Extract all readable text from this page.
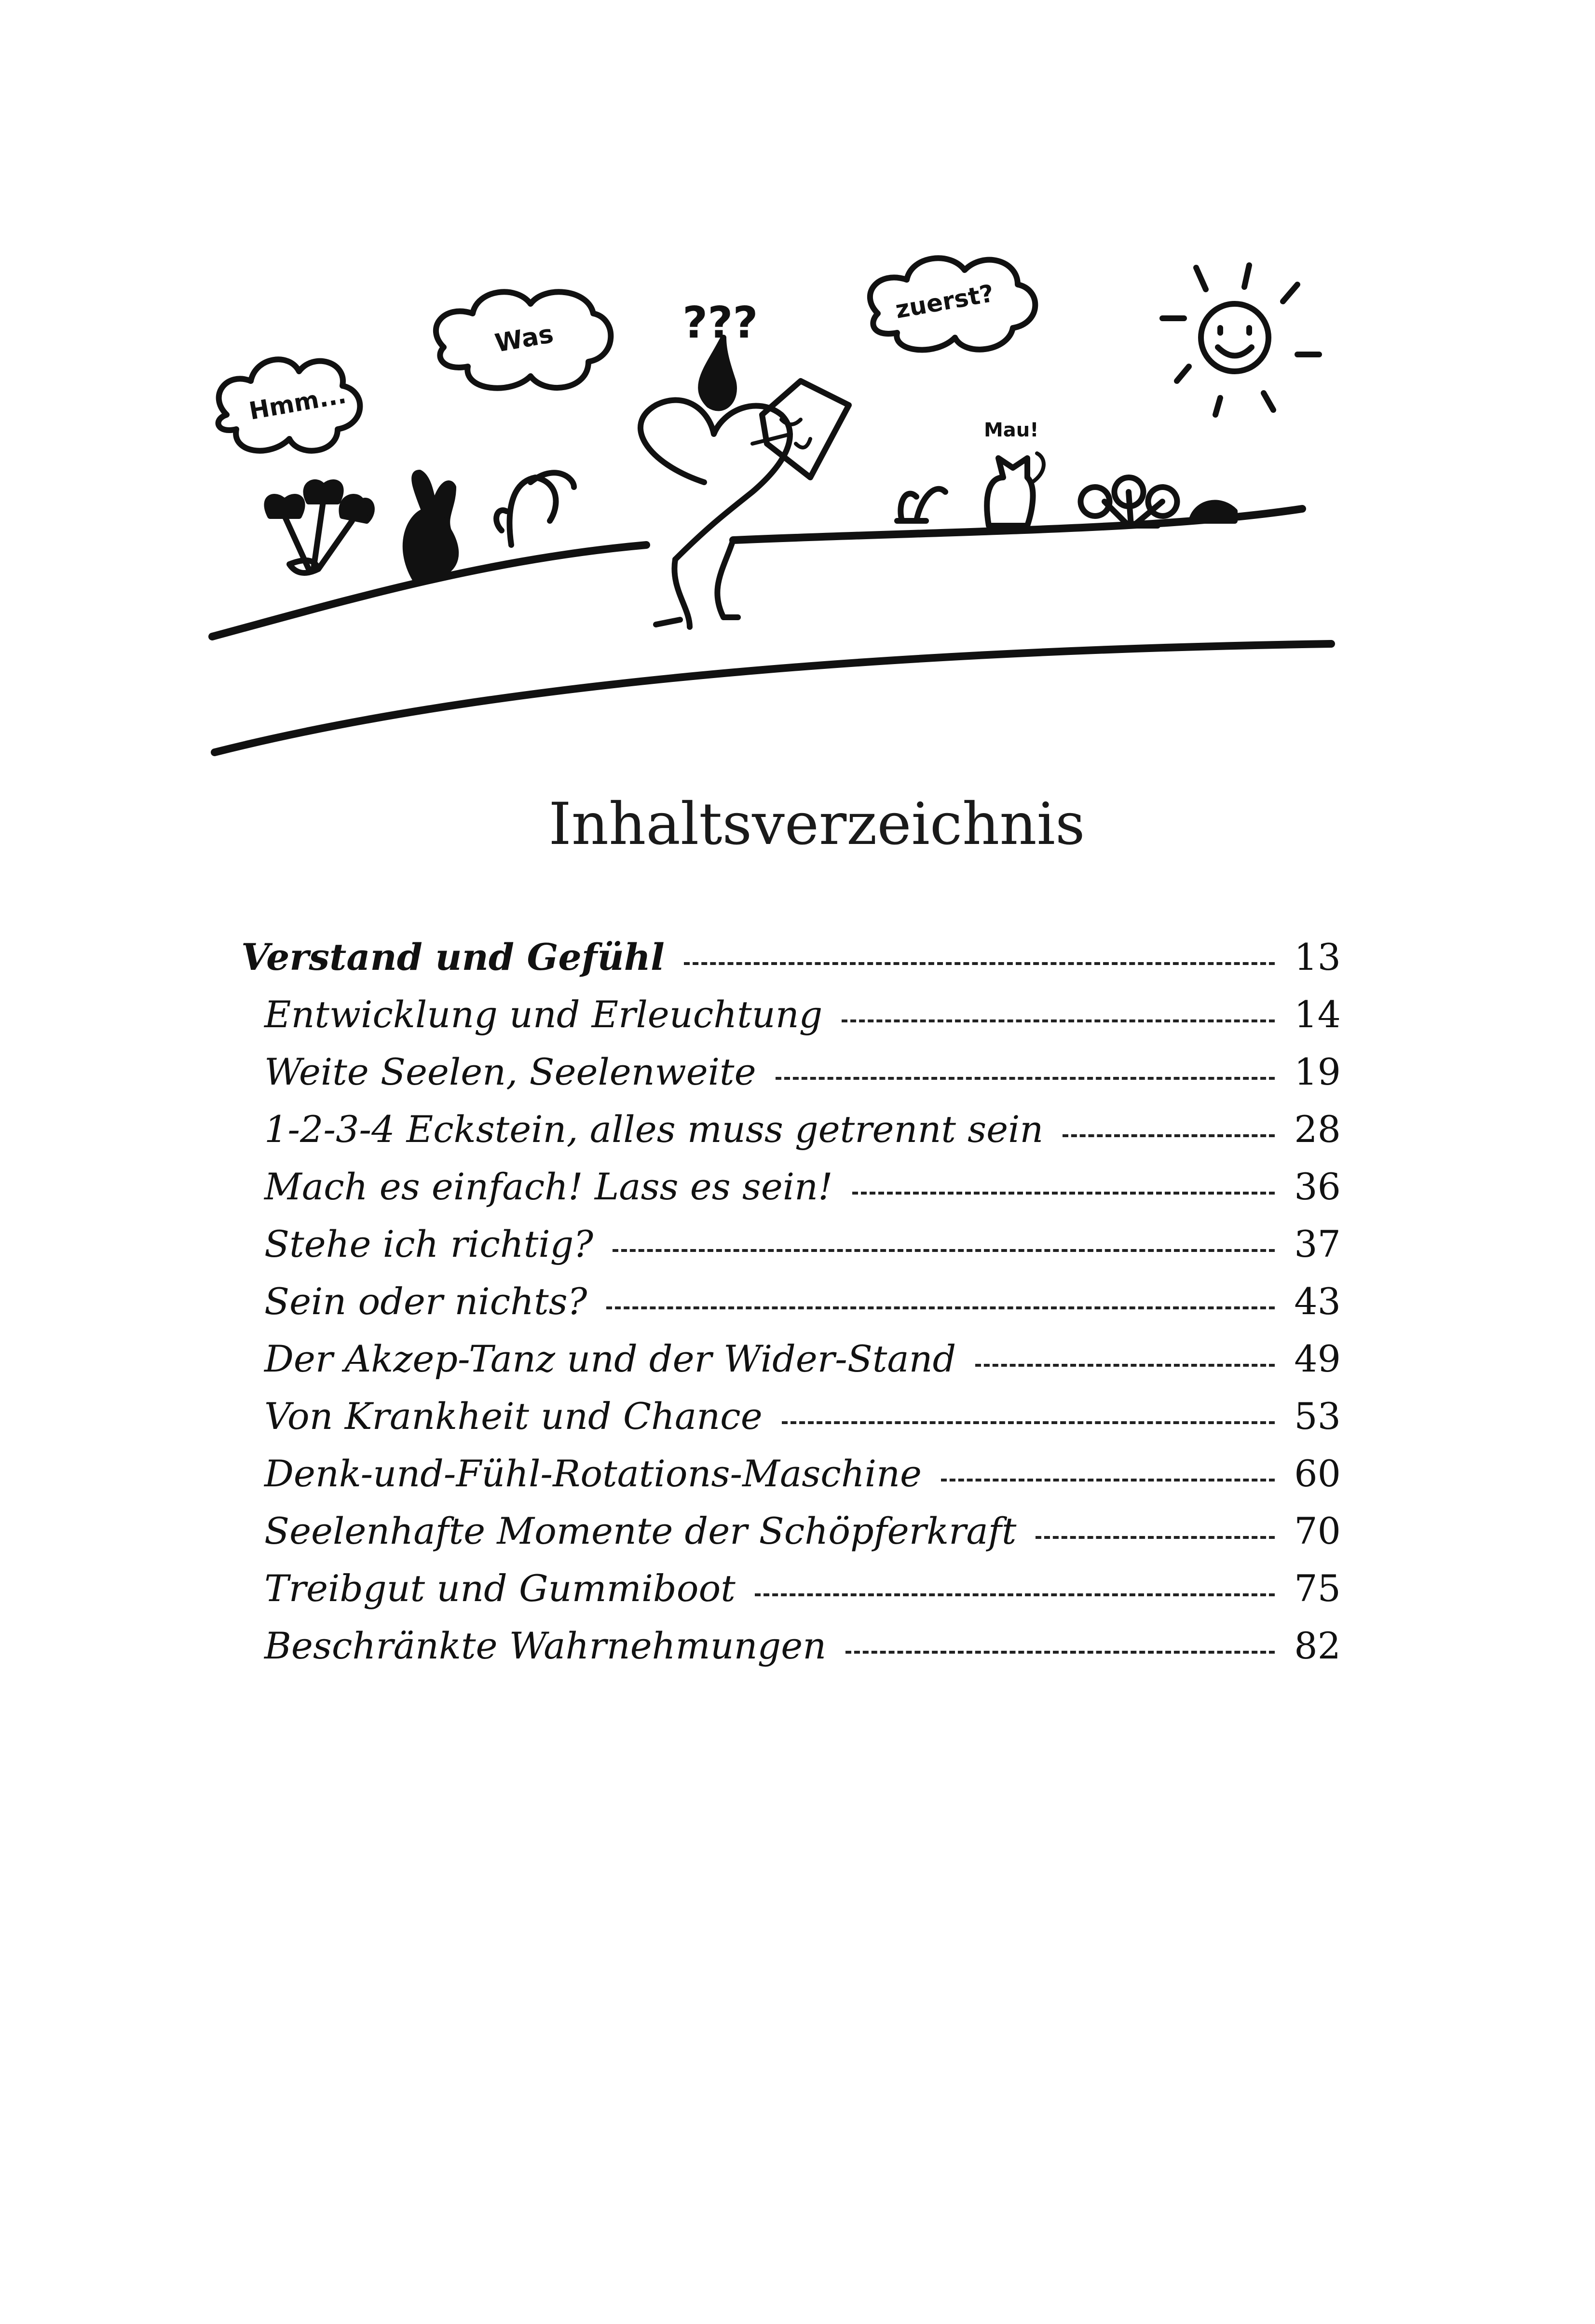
Hmm...
Was
zuerst?
???
Mau!
Inhaltsverzeichnis
Verstand und Gefühl	13
Entwicklung und Erleuchtung	14
Weite Seelen, Seelenweite	19
1-2-3-4 Eckstein, alles muss getrennt sein	28
Mach es einfach! Lass es sein!	36
Stehe ich richtig?	37
Sein oder nichts?	43
Der Akzep-Tanz und der Wider-Stand	49
Von Krankheit und Chance	53
Denk-und-Fühl-Rotations-Maschine	60
Seelenhafte Momente der Schöpferkraft	70
Treibgut und Gummiboot	75
Beschränkte Wahrnehmungen	82
